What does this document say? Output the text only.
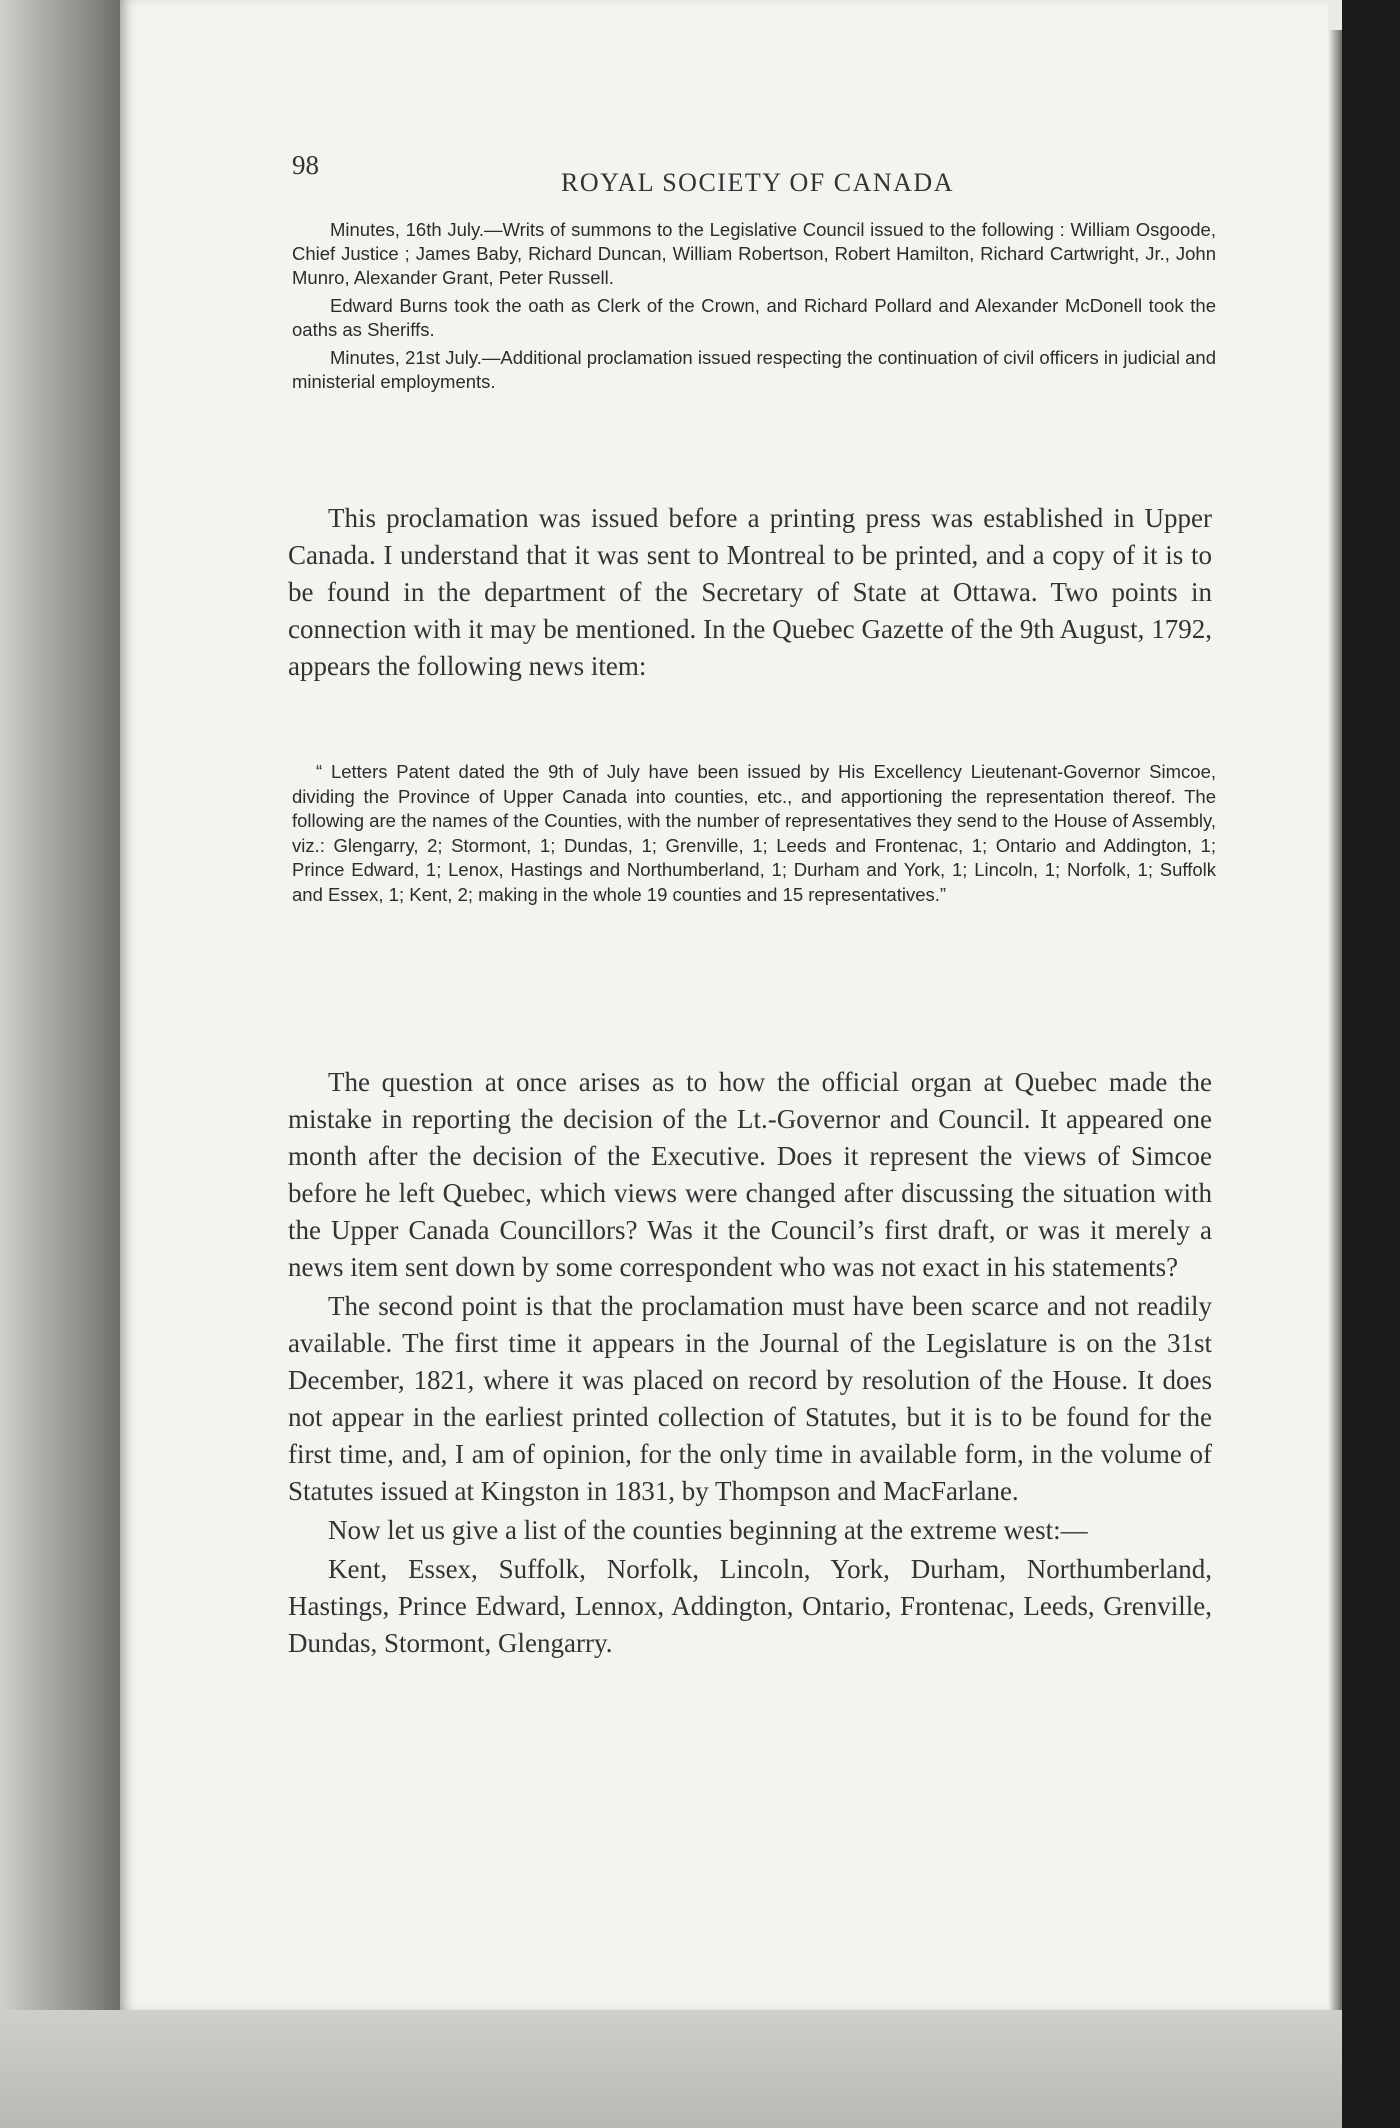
98
ROYAL SOCIETY OF CANADA

Minutes, 16th July.—Writs of summons to the Legislative Council issued to the following : William Osgoode, Chief Justice ; James Baby, Richard Duncan, William Robertson, Robert Hamilton, Richard Cartwright, Jr., John Munro, Alexander Grant, Peter Russell.

Edward Burns took the oath as Clerk of the Crown, and Richard Pollard and Alexander McDonell took the oaths as Sheriffs.

Minutes, 21st July.—Additional proclamation issued respecting the continuation of civil officers in judicial and ministerial employments.

This proclamation was issued before a printing press was established in Upper Canada. I understand that it was sent to Montreal to be printed, and a copy of it is to be found in the department of the Secretary of State at Ottawa. Two points in connection with it may be mentioned. In the Quebec Gazette of the 9th August, 1792, appears the following news item:

“ Letters Patent dated the 9th of July have been issued by His Excellency Lieutenant-Governor Simcoe, dividing the Province of Upper Canada into counties, etc., and apportioning the representation thereof. The following are the names of the Counties, with the number of representatives they send to the House of Assembly, viz.: Glengarry, 2; Stormont, 1; Dundas, 1; Grenville, 1; Leeds and Frontenac, 1; Ontario and Addington, 1; Prince Edward, 1; Lenox, Hastings and Northumberland, 1; Durham and York, 1; Lincoln, 1; Norfolk, 1; Suffolk and Essex, 1; Kent, 2; making in the whole 19 counties and 15 representatives.”

The question at once arises as to how the official organ at Quebec made the mistake in reporting the decision of the Lt.-Governor and Council. It appeared one month after the decision of the Executive. Does it represent the views of Simcoe before he left Quebec, which views were changed after discussing the situation with the Upper Canada Councillors? Was it the Council’s first draft, or was it merely a news item sent down by some correspondent who was not exact in his statements?

The second point is that the proclamation must have been scarce and not readily available. The first time it appears in the Journal of the Legislature is on the 31st December, 1821, where it was placed on record by resolution of the House. It does not appear in the earliest printed collection of Statutes, but it is to be found for the first time, and, I am of opinion, for the only time in available form, in the volume of Statutes issued at Kingston in 1831, by Thompson and MacFarlane.

Now let us give a list of the counties beginning at the extreme west:—

Kent, Essex, Suffolk, Norfolk, Lincoln, York, Durham, Northumberland, Hastings, Prince Edward, Lennox, Addington, Ontario, Frontenac, Leeds, Grenville, Dundas, Stormont, Glengarry.
